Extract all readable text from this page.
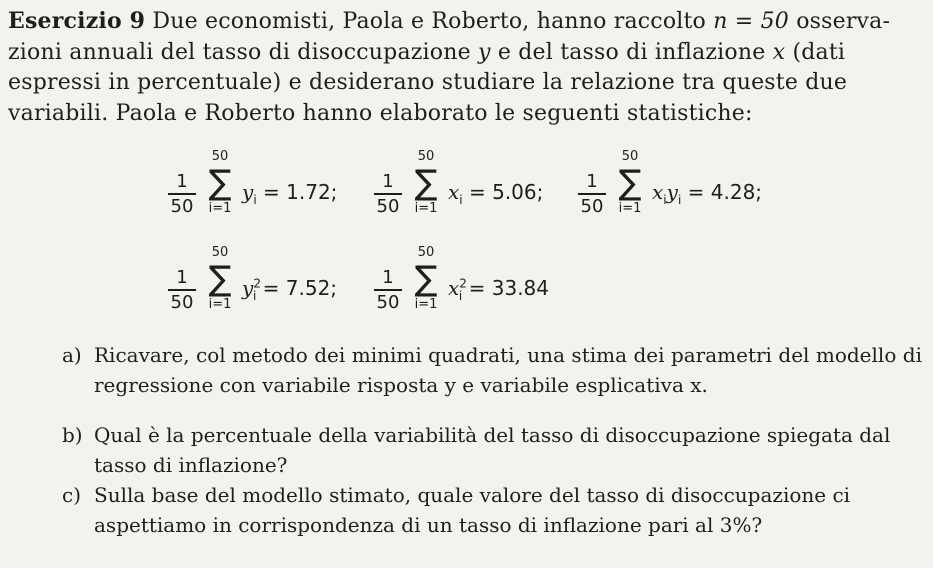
Esercizio 9 Due economisti, Paola e Roberto, hanno raccolto n = 50 osserva-zioni annuali del tasso di disoccupazione y e del tasso di inflazione x (dati espressi in percentuale) e desiderano studiare la relazione tra queste due variabili. Paola e Roberto hanno elaborato le seguenti statistiche:
1
50
50
∑
i=1
$y_i = 1.72$;	1
50
50
∑
i=1
$x_i = 5.06$;	1
50
50
∑
i=1
$x_iy_i = 4.28$;
1
50
50
∑
i=1
$y^2_i = 7.52$;	1
50
50
∑
i=1
$x^2_i = 33.84$
a) Ricavare, col metodo dei minimi quadrati, una stima dei parametri del modello di regressione con variabile risposta y e variabile esplicativa x.
b) Qual è la percentuale della variabilità del tasso di disoccupazione spiegata dal tasso di inflazione?
c) Sulla base del modello stimato, quale valore del tasso di disoccupazione ci aspettiamo in corrispondenza di un tasso di inflazione pari al 3%?
